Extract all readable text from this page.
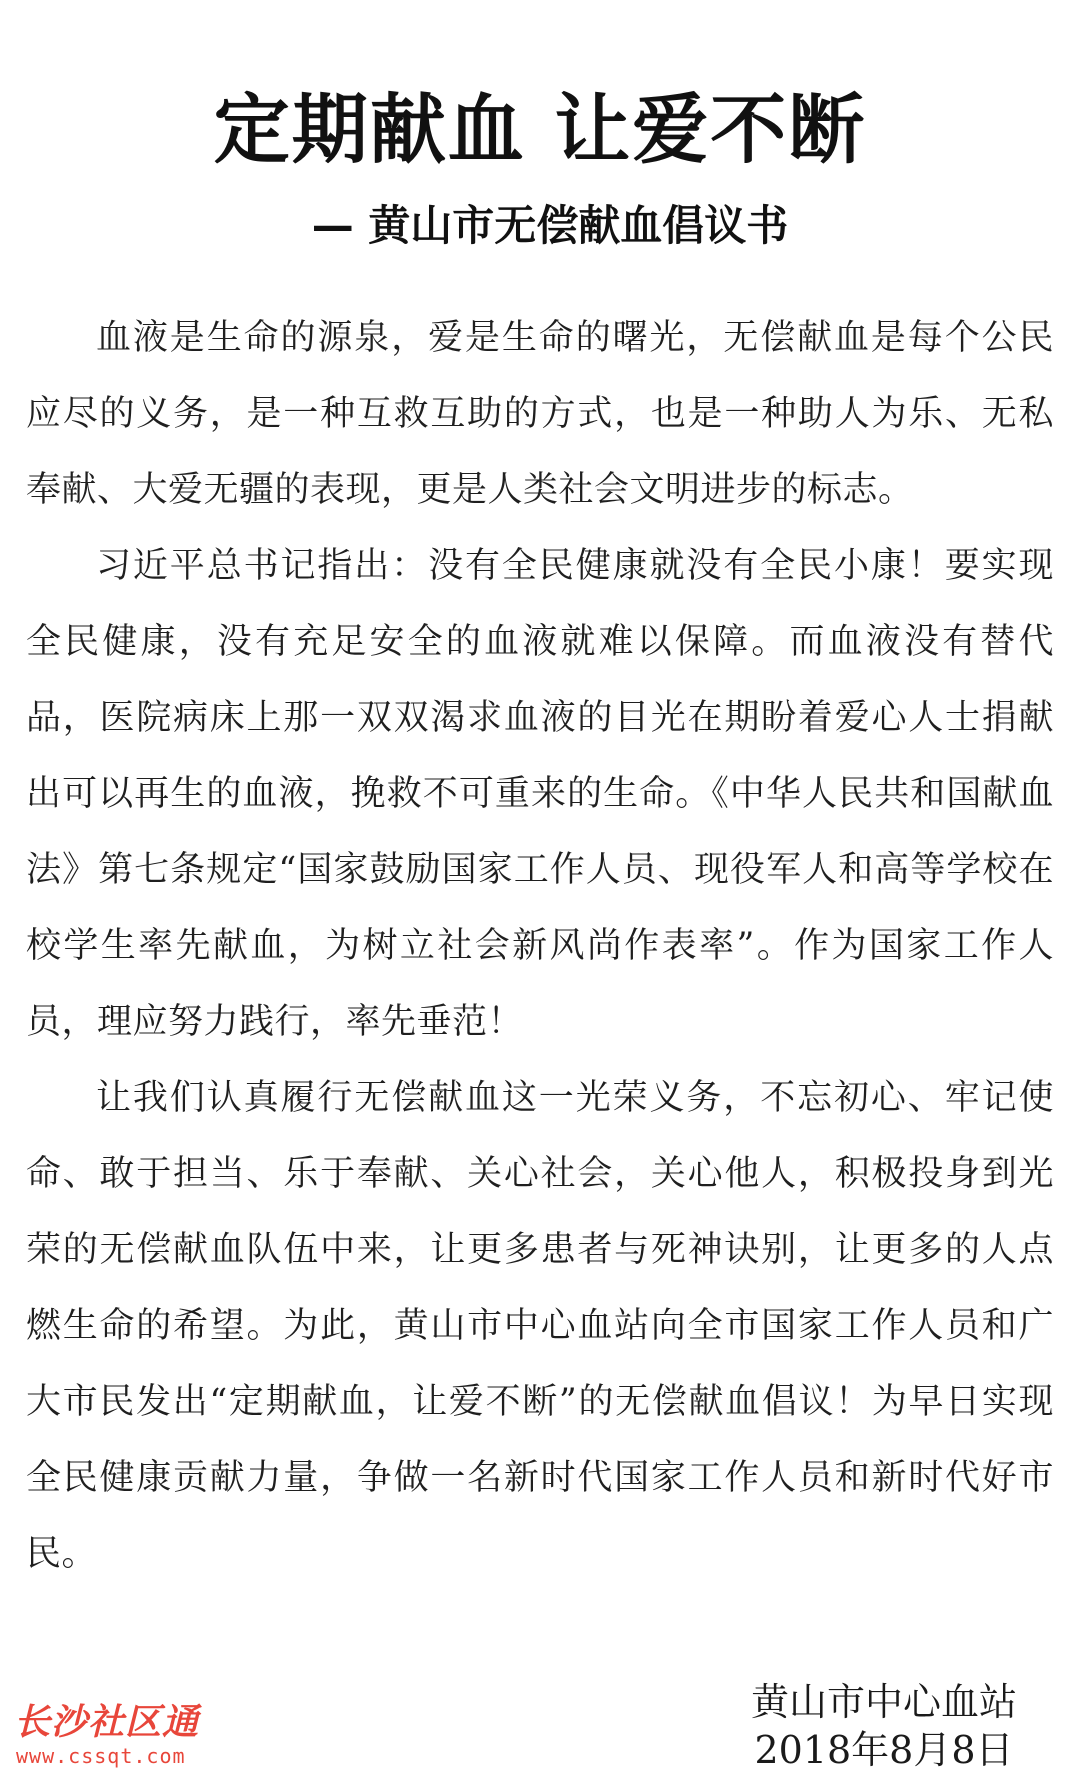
定期献血 让爱不断
— 黄山市无偿献血倡议书

血液是生命的源泉，爱是生命的曙光，无偿献血是每个公民应尽的义务，是一种互救互助的方式，也是一种助人为乐、无私奉献、大爱无疆的表现，更是人类社会文明进步的标志。

习近平总书记指出：没有全民健康就没有全民小康！要实现全民健康，没有充足安全的血液就难以保障。而血液没有替代品，医院病床上那一双双渴求血液的目光在期盼着爱心人士捐献出可以再生的血液，挽救不可重来的生命。《中华人民共和国献血法》第七条规定“国家鼓励国家工作人员、现役军人和高等学校在校学生率先献血，为树立社会新风尚作表率”。作为国家工作人员，理应努力践行，率先垂范！

让我们认真履行无偿献血这一光荣义务，不忘初心、牢记使命、敢于担当、乐于奉献、关心社会，关心他人，积极投身到光荣的无偿献血队伍中来，让更多患者与死神诀别，让更多的人点燃生命的希望。为此，黄山市中心血站向全市国家工作人员和广大市民发出“定期献血，让爱不断”的无偿献血倡议！为早日实现全民健康贡献力量，争做一名新时代国家工作人员和新时代好市民。

黄山市中心血站
2018年8月8日
长沙社区通
www.cssqt.com
